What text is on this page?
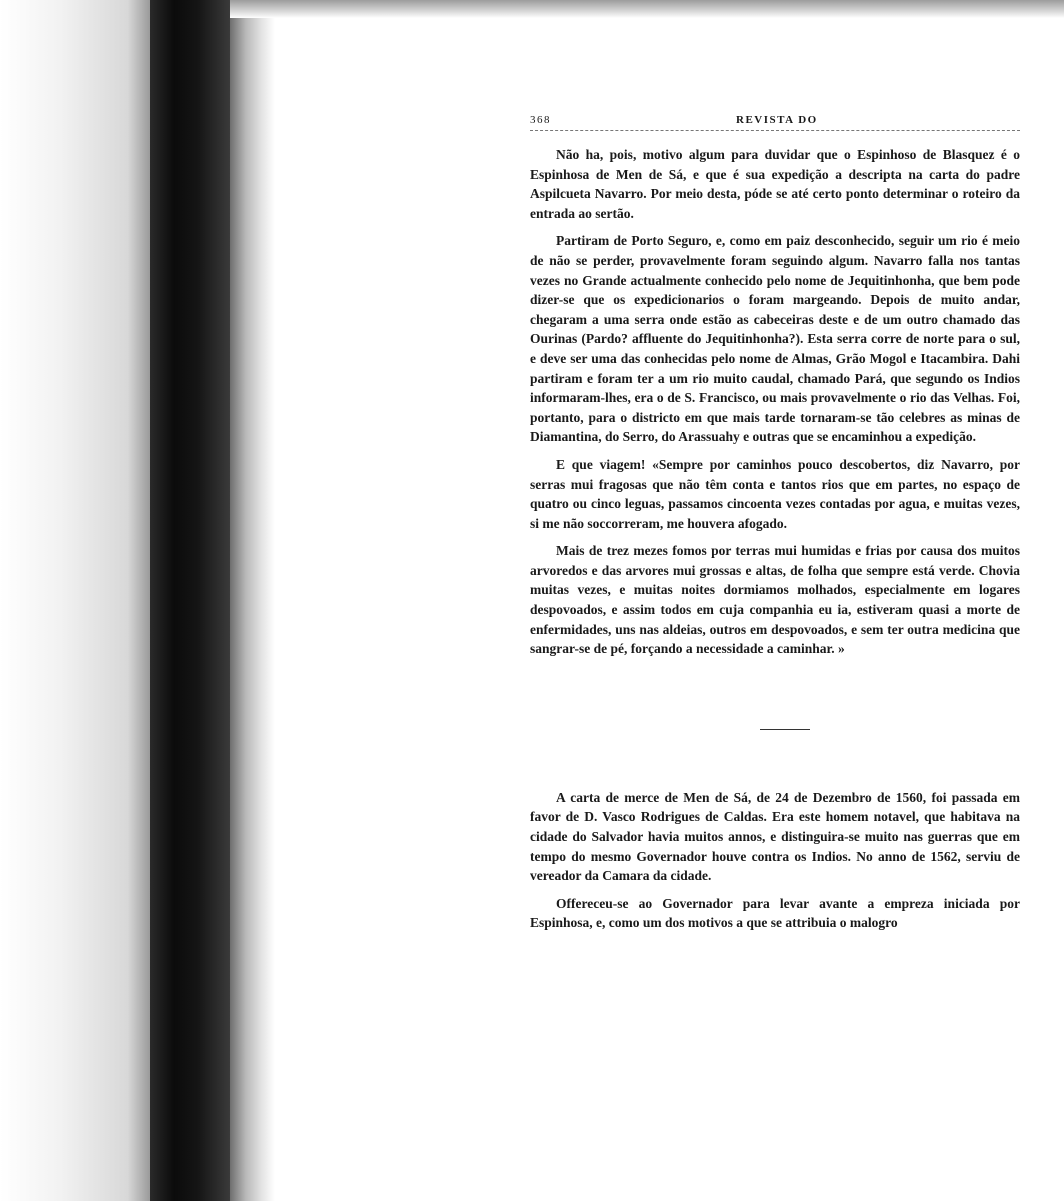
368	REVISTA DO

Não ha, pois, motivo algum para duvidar que o Espinhoso de Blasquez é o Espinhosa de Men de Sá, e que é sua expedição a descripta na carta do padre Aspilcueta Navarro. Por meio desta, póde se até certo ponto determinar o roteiro da entrada ao sertão.

Partiram de Porto Seguro, e, como em paiz desconhecido, seguir um rio é meio de não se perder, provavelmente foram seguindo algum. Navarro falla nos tantas vezes no Grande actualmente conhecido pelo nome de Jequitinhonha, que bem pode dizer-se que os expedicionarios o foram margeando. Depois de muito andar, chegaram a uma serra onde estão as cabeceiras deste e de um outro chamado das Ourinas (Pardo? affluente do Jequitinhonha?). Esta serra corre de norte para o sul, e deve ser uma das conhecidas pelo nome de Almas, Grão Mogol e Itacambira. Dahi partiram e foram ter a um rio muito caudal, chamado Pará, que segundo os Indios informaram-lhes, era o de S. Francisco, ou mais provavelmente o rio das Velhas. Foi, portanto, para o districto em que mais tarde tornaram-se tão celebres as minas de Diamantina, do Serro, do Arassuahy e outras que se encaminhou a expedição.

E que viagem! «Sempre por caminhos pouco descobertos, diz Navarro, por serras mui fragosas que não têm conta e tantos rios que em partes, no espaço de quatro ou cinco leguas, passamos cincoenta vezes contadas por agua, e muitas vezes, si me não soccorreram, me houvera afogado.

Mais de trez mezes fomos por terras mui humidas e frias por causa dos muitos arvoredos e das arvores mui grossas e altas, de folha que sempre está verde. Chovia muitas vezes, e muitas noites dormiamos molhados, especialmente em logares despovoados, e assim todos em cuja companhia eu ia, estiveram quasi a morte de enfermidades, uns nas aldeias, outros em despovoados, e sem ter outra medicina que sangrar-se de pé, forçando a necessidade a caminhar. »

A carta de merce de Men de Sá, de 24 de Dezembro de 1560, foi passada em favor de D. Vasco Rodrigues de Caldas. Era este homem notavel, que habitava na cidade do Salvador havia muitos annos, e distinguira-se muito nas guerras que em tempo do mesmo Governador houve contra os Indios. No anno de 1562, serviu de vereador da Camara da cidade.

Offereceu-se ao Governador para levar avante a empreza iniciada por Espinhosa, e, como um dos motivos a que se attribuia o malogro
